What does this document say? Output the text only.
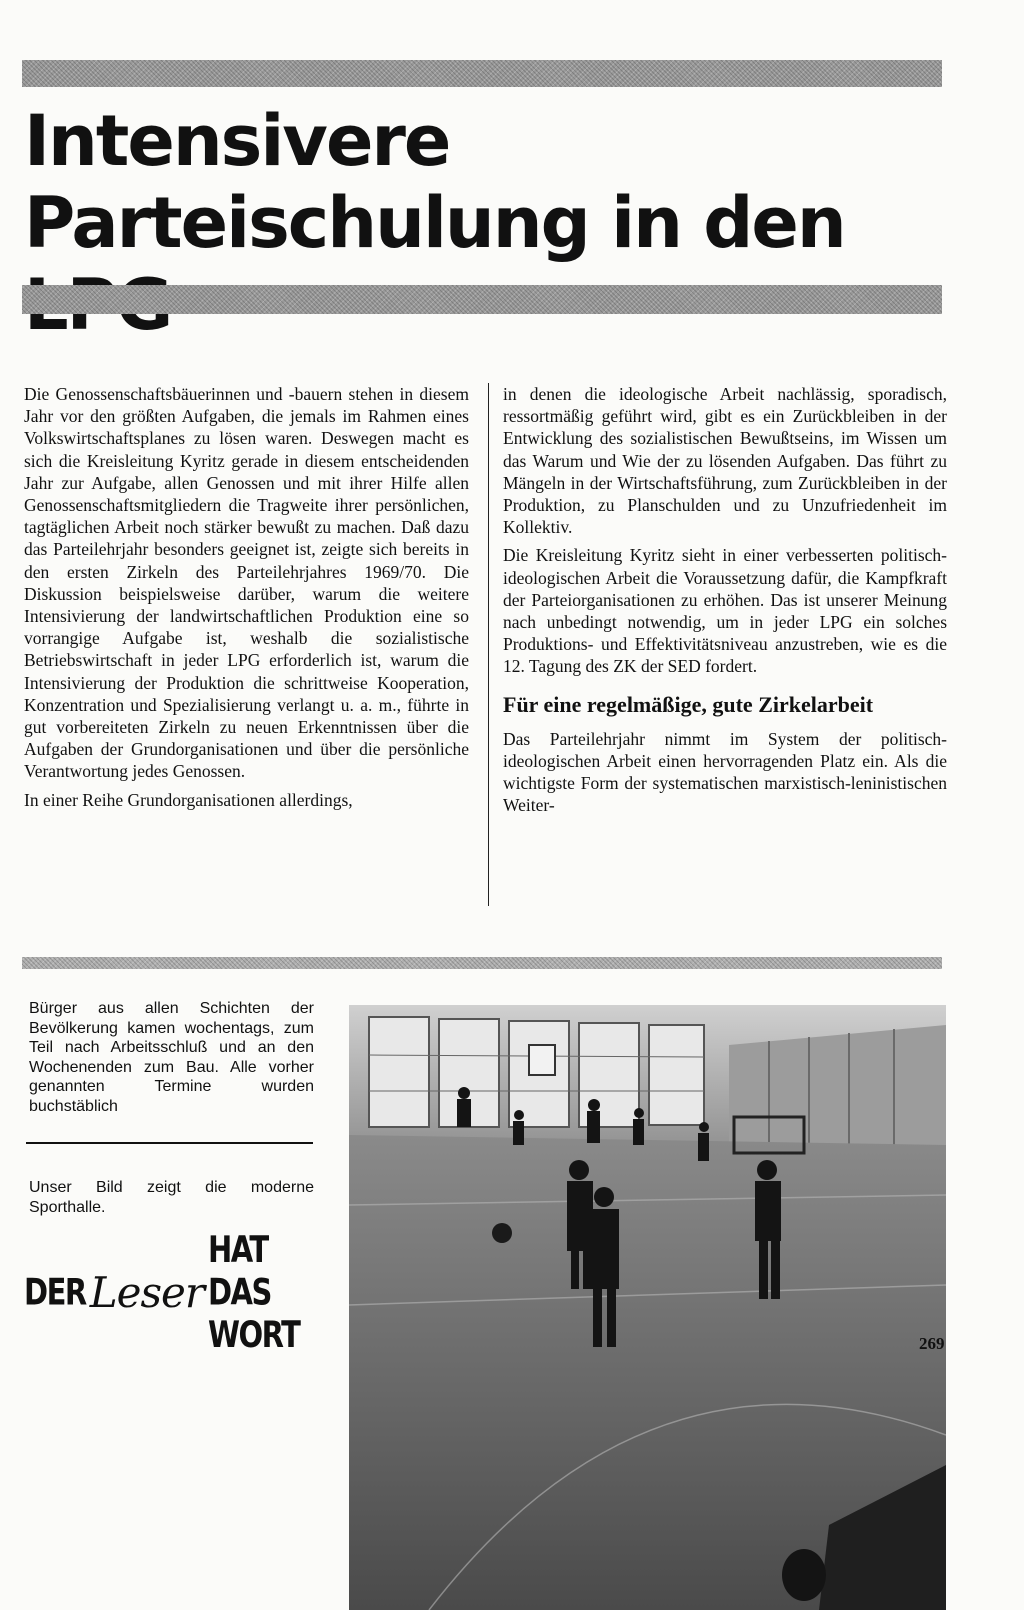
Intensivere
Parteischulung in den

Die Genossenschaftsbäuerinnen und -bauern stehen in diesem Jahr vor den größten Aufgaben, die jemals im Rahmen eines Volkswirtschaftsplanes zu lösen waren. Deswegen macht es sich die Kreisleitung Kyritz gerade in diesem entscheidenden Jahr zur Aufgabe, allen Genossen und mit ihrer Hilfe allen Genossenschaftsmitgliedern die Tragweite ihrer persönlichen, tagtäglichen Arbeit noch stärker bewußt zu machen. Daß dazu das Parteilehrjahr besonders geeignet ist, zeigte sich bereits in den ersten Zirkeln des Parteilehrjahres 1969/70. Die Diskussion beispielsweise darüber, warum die weitere Intensivierung der landwirtschaftlichen Produktion eine so vorrangige Aufgabe ist, weshalb die sozialistische Betriebswirtschaft in jeder LPG erforderlich ist, warum die Intensivierung der Produktion die schrittweise Kooperation, Konzentration und Spezialisierung verlangt u. a. m., führte in gut vorbereiteten Zirkeln zu neuen Erkenntnissen über die Aufgaben der Grundorganisationen und über die persönliche Verantwortung jedes Genossen.

In einer Reihe Grundorganisationen allerdings,

in denen die ideologische Arbeit nachlässig, sporadisch, ressortmäßig geführt wird, gibt es ein Zurückbleiben in der Entwicklung des sozialistischen Bewußtseins, im Wissen um das Warum und Wie der zu lösenden Aufgaben. Das führt zu Mängeln in der Wirtschaftsführung, zum Zurückbleiben in der Produktion, zu Planschulden und zu Unzufriedenheit im Kollektiv.

Die Kreisleitung Kyritz sieht in einer verbesserten politisch-ideologischen Arbeit die Voraussetzung dafür, die Kampfkraft der Parteiorganisationen zu erhöhen. Das ist unserer Meinung nach unbedingt notwendig, um in jeder LPG ein solches Produktions- und Effektivitätsniveau anzustreben, wie es die 12. Tagung des ZK der SED fordert.

Für eine regelmäßige, gute Zirkelarbeit

Das Parteilehrjahr nimmt im System der politisch-ideologischen Arbeit einen hervorragenden Platz ein. Als die wichtigste Form der systematischen marxistisch-leninistischen Weiter-

Bürger aus allen Schichten der Bevölkerung kamen wochentags, zum Teil nach Arbeitsschluß und an den Wochenenden zum Bau. Alle vorher genannten Termine wurden buchstäblich

Unser Bild zeigt die moderne Sporthalle.

DER Leser
HAT DAS WORT	269
